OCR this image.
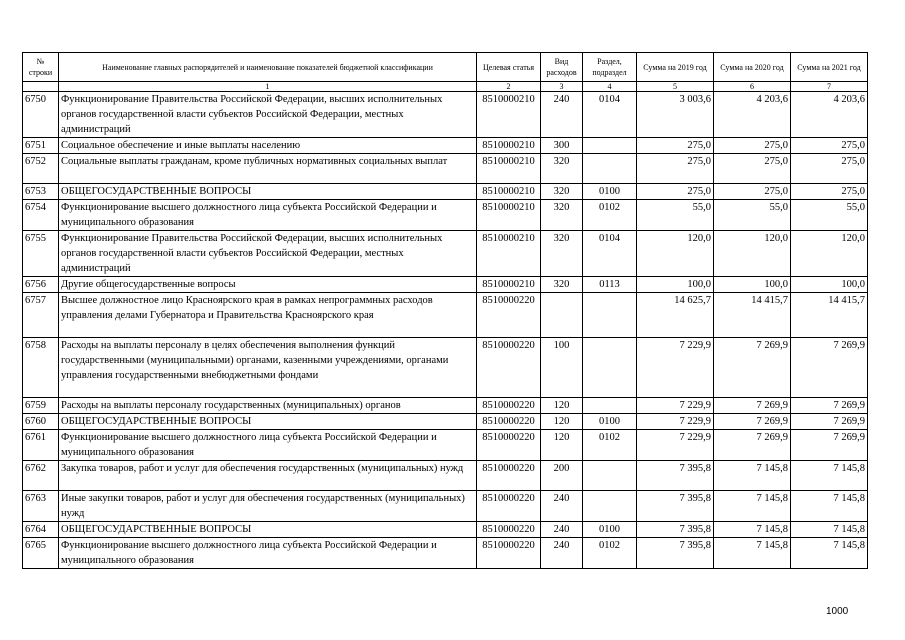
№ строки	Наименование главных распорядителей и наименование показателей бюджетной классификации	Целевая статья	Вид расходов	Раздел, подраздел	Сумма на 2019 год	Сумма на 2020 год	Сумма на 2021 год
	1	2	3	4	5	6	7
6750	Функционирование Правительства Российской Федерации, высших исполнительных органов государственной власти субъектов Российской Федерации, местных администраций	8510000210	240	0104	3 003,6	4 203,6	4 203,6
6751	Социальное обеспечение и иные выплаты населению	8510000210	300		275,0	275,0	275,0
6752	Социальные выплаты гражданам, кроме публичных нормативных социальных выплат	8510000210	320		275,0	275,0	275,0
6753	ОБЩЕГОСУДАРСТВЕННЫЕ ВОПРОСЫ	8510000210	320	0100	275,0	275,0	275,0
6754	Функционирование высшего должностного лица субъекта Российской Федерации и муниципального образования	8510000210	320	0102	55,0	55,0	55,0
6755	Функционирование Правительства Российской Федерации, высших исполнительных органов государственной власти субъектов Российской Федерации, местных администраций	8510000210	320	0104	120,0	120,0	120,0
6756	Другие общегосударственные вопросы	8510000210	320	0113	100,0	100,0	100,0
6757	Высшее должностное лицо Красноярского края в рамках непрограммных расходов управления делами Губернатора и Правительства Красноярского края	8510000220			14 625,7	14 415,7	14 415,7
6758	Расходы на выплаты персоналу в целях обеспечения выполнения функций государственными (муниципальными) органами, казенными учреждениями, органами управления государственными внебюджетными фондами	8510000220	100		7 229,9	7 269,9	7 269,9
6759	Расходы на выплаты персоналу государственных (муниципальных) органов	8510000220	120		7 229,9	7 269,9	7 269,9
6760	ОБЩЕГОСУДАРСТВЕННЫЕ ВОПРОСЫ	8510000220	120	0100	7 229,9	7 269,9	7 269,9
6761	Функционирование высшего должностного лица субъекта Российской Федерации и муниципального образования	8510000220	120	0102	7 229,9	7 269,9	7 269,9
6762	Закупка товаров, работ и услуг для обеспечения государственных (муниципальных) нужд	8510000220	200		7 395,8	7 145,8	7 145,8
6763	Иные закупки товаров, работ и услуг для обеспечения государственных (муниципальных) нужд	8510000220	240		7 395,8	7 145,8	7 145,8
6764	ОБЩЕГОСУДАРСТВЕННЫЕ ВОПРОСЫ	8510000220	240	0100	7 395,8	7 145,8	7 145,8
6765	Функционирование высшего должностного лица субъекта Российской Федерации и муниципального образования	8510000220	240	0102	7 395,8	7 145,8	7 145,8
1000
